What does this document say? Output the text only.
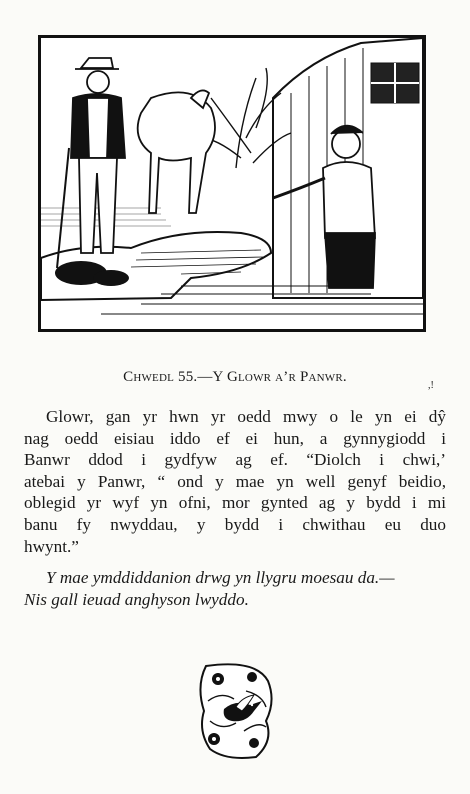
Chwedl 55.—Y Glowr a’r Panwr.
,!
Glowr, gan yr hwn yr oedd mwy o le yn ei dŷ
nag oedd eisiau iddo ef ei hun, a gynnygiodd i
Banwr ddod i gydfyw ag ef. “Diolch i chwi,’
atebai y Panwr, “ ond y mae yn well genyf beidio,
oblegid yr wyf yn ofni, mor gynted ag y bydd i mi
banu fy nwyddau, y bydd i chwithau eu duo
hwynt.”
Y mae ymddiddanion drwg yn llygru moesau da.—
Nis gall ieuad anghyson lwyddo.
